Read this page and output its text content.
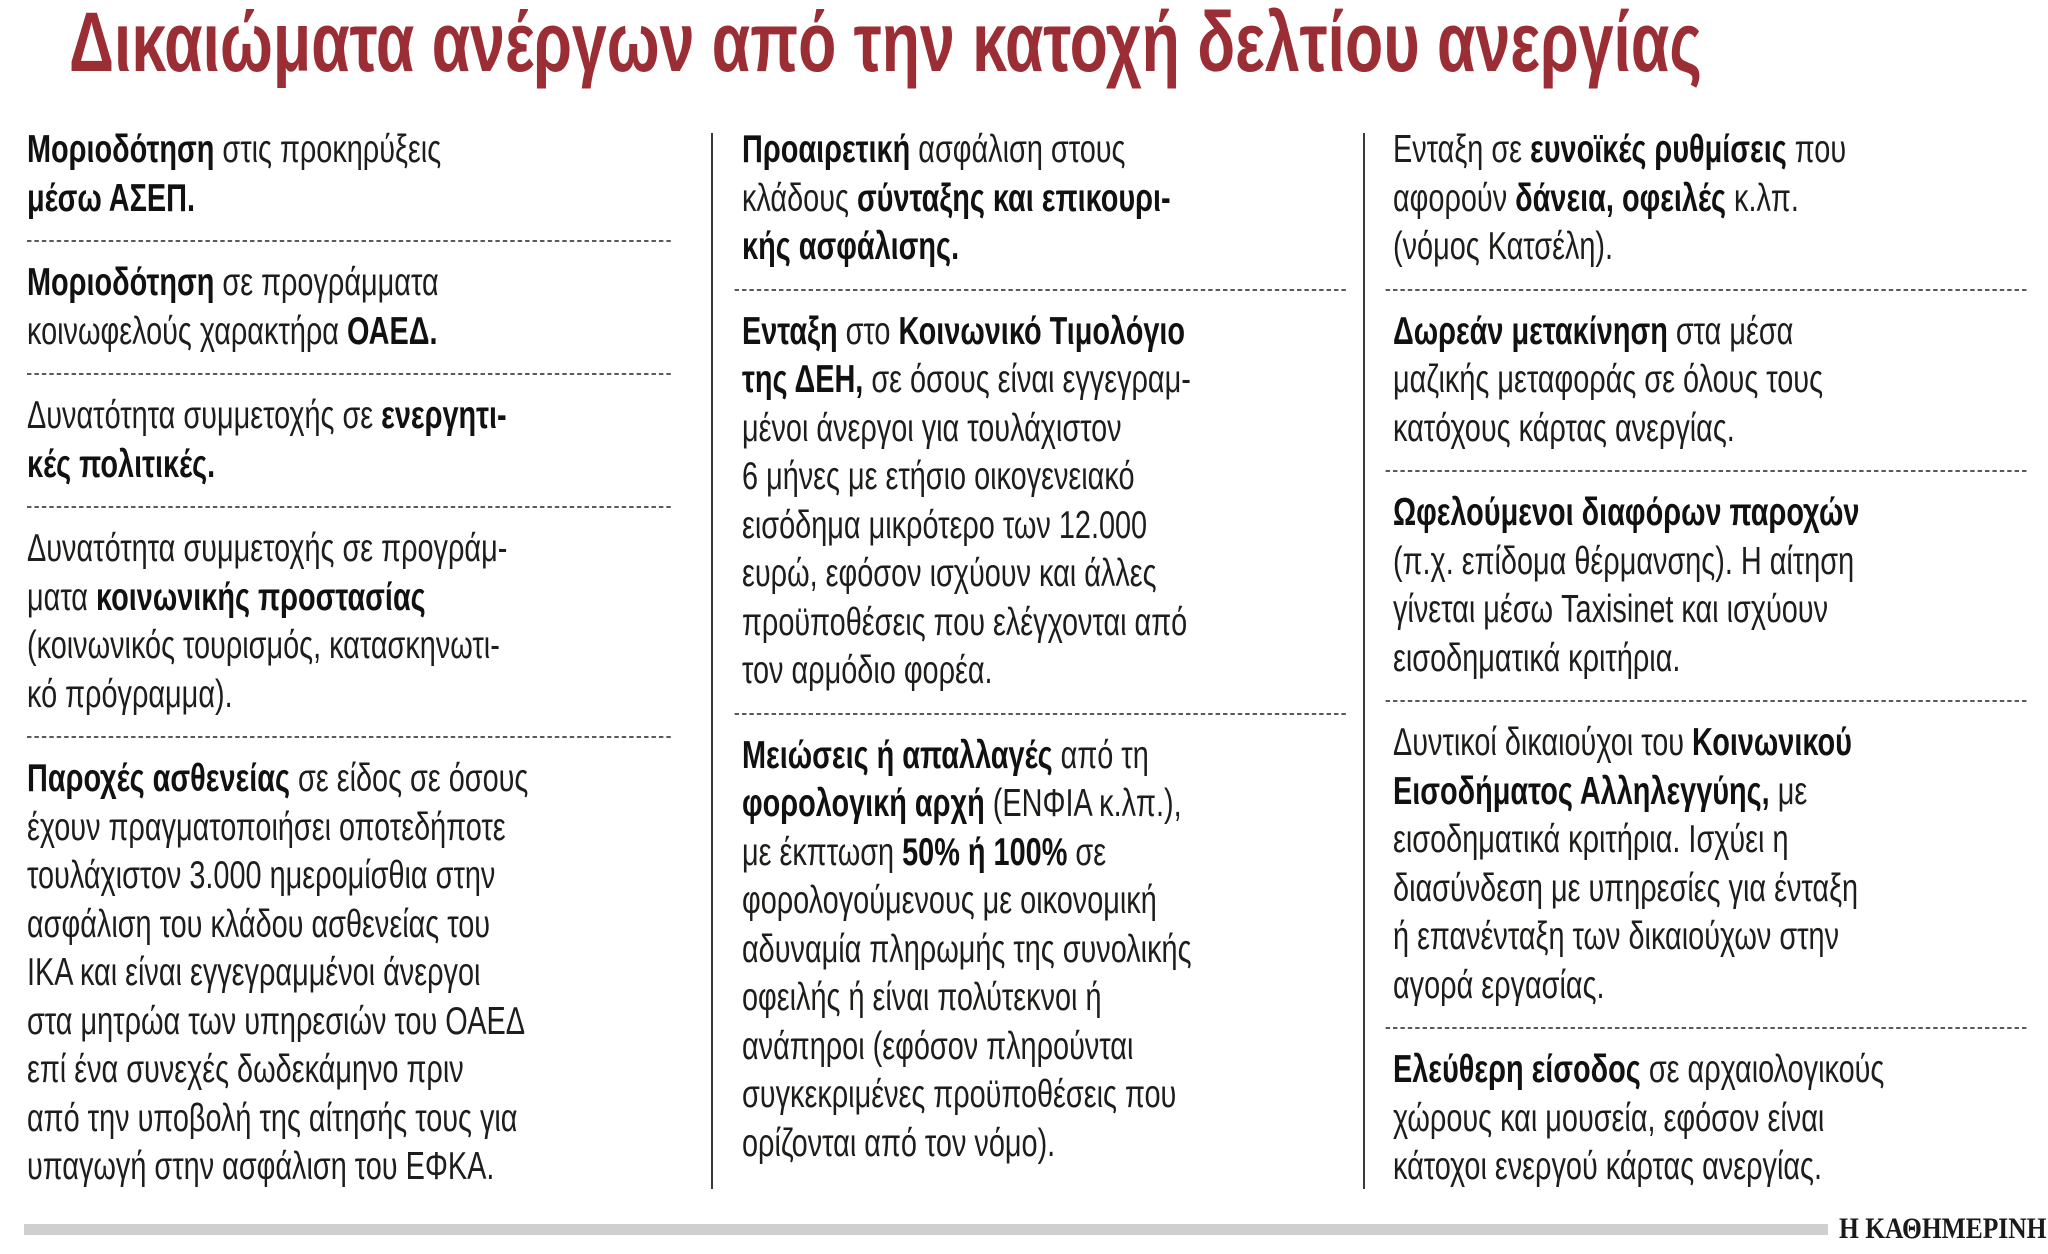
Δικαιώματα ανέργων από την κατοχή δελτίου ανεργίας
Μοριοδότηση στις προκηρύξεις
μέσω ΑΣΕΠ.
Μοριοδότηση σε προγράμματα
κοινωφελούς χαρακτήρα ΟΑΕΔ.
Δυνατότητα συμμετοχής σε ενεργητι-
κές πολιτικές.
Δυνατότητα συμμετοχής σε προγράμ-
ματα κοινωνικής προστασίας
(κοινωνικός τουρισμός, κατασκηνωτι-
κό πρόγραμμα).
Παροχές ασθενείας σε είδος σε όσους
έχουν πραγματοποιήσει οποτεδήποτε
τουλάχιστον 3.000 ημερομίσθια στην
ασφάλιση του κλάδου ασθενείας του
ΙΚΑ και είναι εγγεγραμμένοι άνεργοι
στα μητρώα των υπηρεσιών του ΟΑΕΔ
επί ένα συνεχές δωδεκάμηνο πριν
από την υποβολή της αίτησής τους για
υπαγωγή στην ασφάλιση του ΕΦΚΑ.
Προαιρετική ασφάλιση στους
κλάδους σύνταξης και επικουρι-
κής ασφάλισης.
Ενταξη στο Κοινωνικό Τιμολόγιο
της ΔΕΗ, σε όσους είναι εγγεγραμ-
μένοι άνεργοι για τουλάχιστον
6 μήνες με ετήσιο οικογενειακό
εισόδημα μικρότερο των 12.000
ευρώ, εφόσον ισχύουν και άλλες
προϋποθέσεις που ελέγχονται από
τον αρμόδιο φορέα.
Μειώσεις ή απαλλαγές από τη
φορολογική αρχή (ΕΝΦΙΑ κ.λπ.),
με έκπτωση 50% ή 100% σε
φορολογούμενους με οικονομική
αδυναμία πληρωμής της συνολικής
οφειλής ή είναι πολύτεκνοι ή
ανάπηροι (εφόσον πληρούνται
συγκεκριμένες προϋποθέσεις που
ορίζονται από τον νόμο).
Ενταξη σε ευνοϊκές ρυθμίσεις που
αφορούν δάνεια, οφειλές κ.λπ.
(νόμος Κατσέλη).
Δωρεάν μετακίνηση στα μέσα
μαζικής μεταφοράς σε όλους τους
κατόχους κάρτας ανεργίας.
Ωφελούμενοι διαφόρων παροχών
(π.χ. επίδομα θέρμανσης). Η αίτηση
γίνεται μέσω Taxisinet και ισχύουν
εισοδηματικά κριτήρια.
Δυντικοί δικαιούχοι του Κοινωνικού
Εισοδήματος Αλληλεγγύης, με
εισοδηματικά κριτήρια. Ισχύει η
διασύνδεση με υπηρεσίες για ένταξη
ή επανένταξη των δικαιούχων στην
αγορά εργασίας.
Ελεύθερη είσοδος σε αρχαιολογικούς
χώρους και μουσεία, εφόσον είναι
κάτοχοι ενεργού κάρτας ανεργίας.
Η ΚΑΘΗΜΕΡΙΝΗ
